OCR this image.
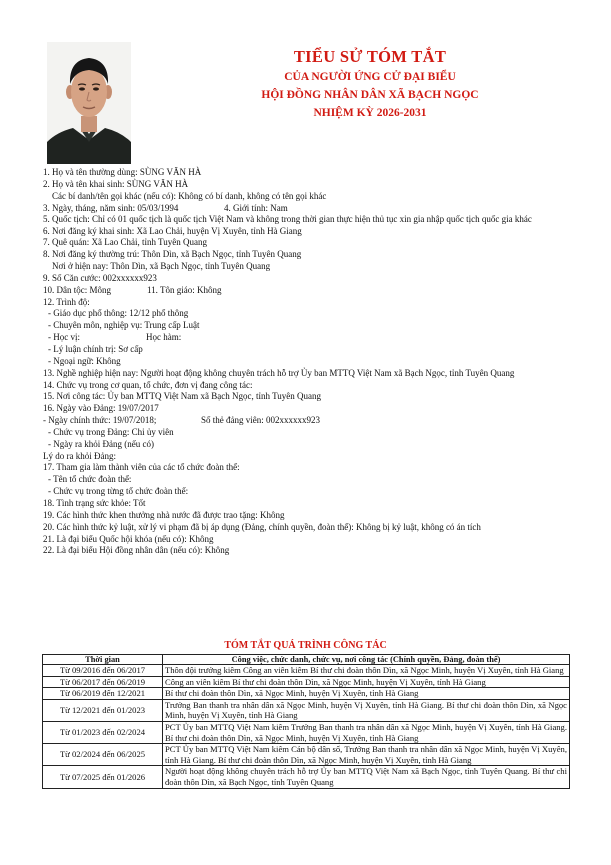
TIỂU SỬ TÓM TẮT
CỦA NGƯỜI ỨNG CỬ ĐẠI BIỂU
HỘI ĐỒNG NHÂN DÂN XÃ BẠCH NGỌC
NHIỆM KỲ 2026-2031
1. Họ và tên thường dùng: SÙNG VĂN HÀ
2. Họ và tên khai sinh: SÙNG VĂN HÀ
Các bí danh/tên gọi khác (nếu có): Không có bí danh, không có tên gọi khác
3. Ngày, tháng, năm sinh: 05/03/1994	4. Giới tính: Nam
5. Quốc tịch: Chỉ có 01 quốc tịch là quốc tịch Việt Nam và không trong thời gian thực hiện thủ tục xin gia nhập quốc tịch quốc gia khác
6. Nơi đăng ký khai sinh: Xã Lao Chải, huyện Vị Xuyên, tỉnh Hà Giang
7. Quê quán: Xã Lao Chải, tỉnh Tuyên Quang
8. Nơi đăng ký thường trú: Thôn Dìn, xã Bạch Ngọc, tỉnh Tuyên Quang
Nơi ở hiện nay: Thôn Dìn, xã Bạch Ngọc, tỉnh Tuyên Quang
9. Số Căn cước: 002xxxxxx923
10. Dân tộc: Mông	11. Tôn giáo: Không
12. Trình độ:
- Giáo dục phổ thông: 12/12 phổ thông
- Chuyên môn, nghiệp vụ: Trung cấp Luật
- Học vị:	Học hàm:
- Lý luận chính trị: Sơ cấp
- Ngoại ngữ: Không
13. Nghề nghiệp hiện nay: Người hoạt động không chuyên trách hỗ trợ Ủy ban MTTQ Việt Nam xã Bạch Ngọc, tỉnh Tuyên Quang
14. Chức vụ trong cơ quan, tổ chức, đơn vị đang công tác:
15. Nơi công tác: Ủy ban MTTQ Việt Nam xã Bạch Ngọc, tỉnh Tuyên Quang
16. Ngày vào Đảng: 19/07/2017
- Ngày chính thức: 19/07/2018;	Số thẻ đảng viên: 002xxxxxx923
- Chức vụ trong Đảng: Chi ủy viên
- Ngày ra khỏi Đảng (nếu có)
Lý do ra khỏi Đảng:
17. Tham gia làm thành viên của các tổ chức đoàn thể:
- Tên tổ chức đoàn thể:
- Chức vụ trong từng tổ chức đoàn thể:
18. Tình trạng sức khỏe: Tốt
19. Các hình thức khen thưởng nhà nước đã được trao tặng: Không
20. Các hình thức kỷ luật, xử lý vi phạm đã bị áp dụng (Đảng, chính quyền, đoàn thể): Không bị kỷ luật, không có án tích
21. Là đại biểu Quốc hội khóa (nếu có): Không
22. Là đại biểu Hội đồng nhân dân (nếu có): Không
TÓM TẮT QUÁ TRÌNH CÔNG TÁC
Thời gian	Công việc, chức danh, chức vụ, nơi công tác (Chính quyền, Đảng, đoàn thể)
Từ 09/2016 đến 06/2017	Thôn đội trưởng kiêm Công an viên kiêm Bí thư chi đoàn thôn Dìn, xã Ngọc Minh, huyện Vị Xuyên, tỉnh Hà Giang
Từ 06/2017 đến 06/2019	Công an viên kiêm Bí thư chi đoàn thôn Dìn, xã Ngọc Minh, huyện Vị Xuyên, tỉnh Hà Giang
Từ 06/2019 đến 12/2021	Bí thư chi đoàn thôn Dìn, xã Ngọc Minh, huyện Vị Xuyên, tỉnh Hà Giang
Từ 12/2021 đến 01/2023	Trưởng Ban thanh tra nhân dân xã Ngọc Minh, huyện Vị Xuyên, tỉnh Hà Giang. Bí thư chi đoàn thôn Dìn, xã Ngọc Minh, huyện Vị Xuyên, tỉnh Hà Giang
Từ 01/2023 đến 02/2024	PCT Ủy ban MTTQ Việt Nam kiêm Trưởng Ban thanh tra nhân dân xã Ngọc Minh, huyện Vị Xuyên, tỉnh Hà Giang. Bí thư chi đoàn thôn Dìn, xã Ngọc Minh, huyện Vị Xuyên, tỉnh Hà Giang
Từ 02/2024 đến 06/2025	PCT Ủy ban MTTQ Việt Nam kiêm Cán bộ dân số, Trưởng Ban thanh tra nhân dân xã Ngọc Minh, huyện Vị Xuyên, tỉnh Hà Giang. Bí thư chi đoàn thôn Dìn, xã Ngọc Minh, huyện Vị Xuyên, tỉnh Hà Giang
Từ 07/2025 đến 01/2026	Người hoạt động không chuyên trách hỗ trợ Ủy ban MTTQ Việt Nam xã Bạch Ngọc, tỉnh Tuyên Quang. Bí thư chi đoàn thôn Dìn, xã Bạch Ngọc, tỉnh Tuyên Quang
